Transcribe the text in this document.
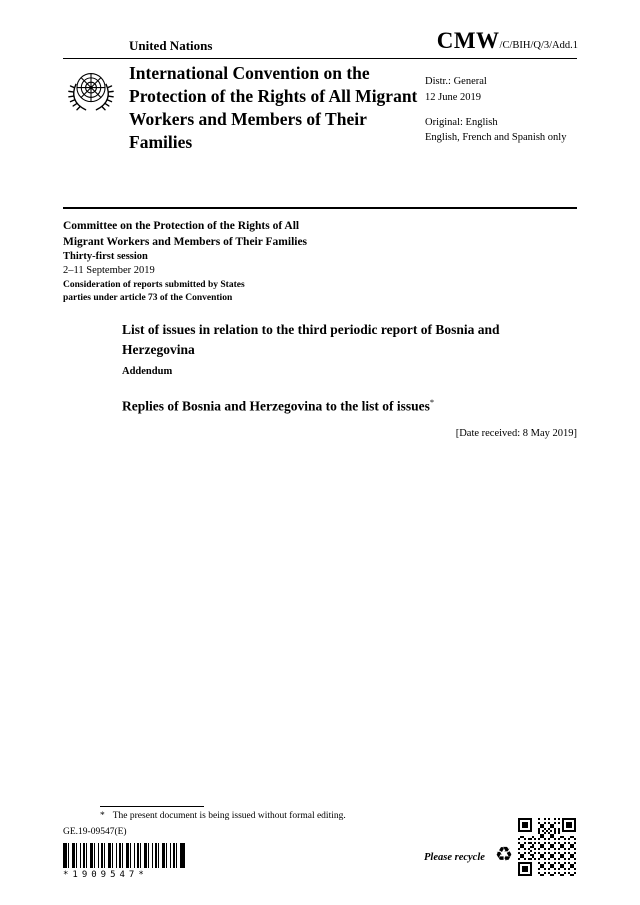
United Nations	CMW/C/BIH/Q/3/Add.1
International Convention on the Protection of the Rights of All Migrant Workers and Members of Their Families
Distr.: General
12 June 2019
Original: English
English, French and Spanish only
Committee on the Protection of the Rights of All
Migrant Workers and Members of Their Families
Thirty-first session
2–11 September 2019
Consideration of reports submitted by States
parties under article 73 of the Convention
List of issues in relation to the third periodic report of Bosnia and Herzegovina
Addendum
Replies of Bosnia and Herzegovina to the list of issues*
[Date received: 8 May 2019]
* The present document is being issued without formal editing.
GE.19-09547(E)
*1909547*
Please recycle ♻
